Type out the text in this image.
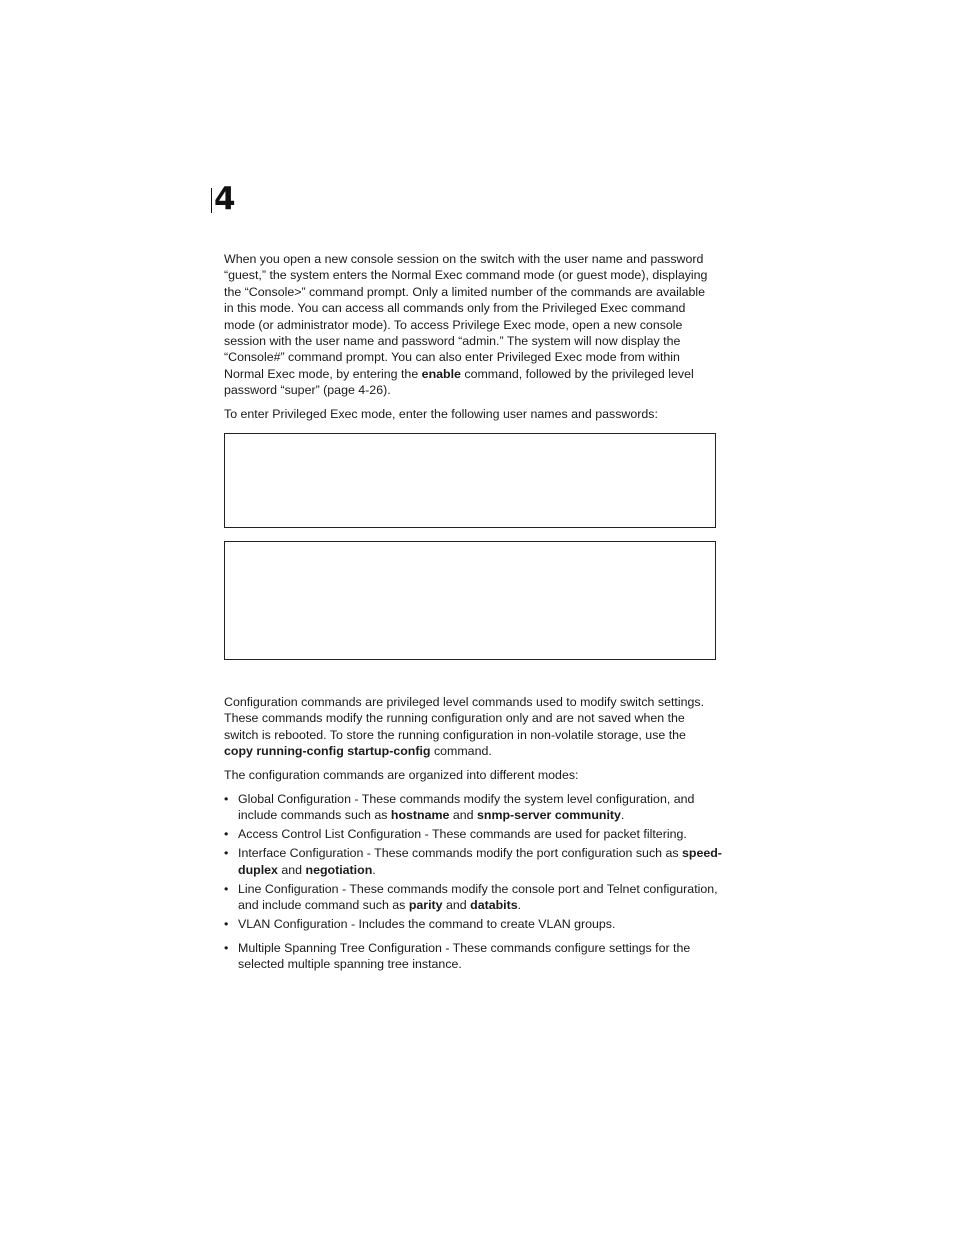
4

When you open a new console session on the switch with the user name and password “guest,” the system enters the Normal Exec command mode (or guest mode), displaying the “Console>” command prompt. Only a limited number of the commands are available in this mode. You can access all commands only from the Privileged Exec command mode (or administrator mode). To access Privilege Exec mode, open a new console session with the user name and password “admin.” The system will now display the “Console#” command prompt. You can also enter Privileged Exec mode from within Normal Exec mode, by entering the enable command, followed by the privileged level password “super” (page 4-26).

To enter Privileged Exec mode, enter the following user names and passwords:

Configuration commands are privileged level commands used to modify switch settings. These commands modify the running configuration only and are not saved when the switch is rebooted. To store the running configuration in non-volatile storage, use the copy running-config startup-config command.

The configuration commands are organized into different modes:

• Global Configuration - These commands modify the system level configuration, and include commands such as hostname and snmp-server community.
• Access Control List Configuration - These commands are used for packet filtering.
• Interface Configuration - These commands modify the port configuration such as speed-duplex and negotiation.
• Line Configuration - These commands modify the console port and Telnet configuration, and include command such as parity and databits.
• VLAN Configuration - Includes the command to create VLAN groups.
• Multiple Spanning Tree Configuration - These commands configure settings for the selected multiple spanning tree instance.
